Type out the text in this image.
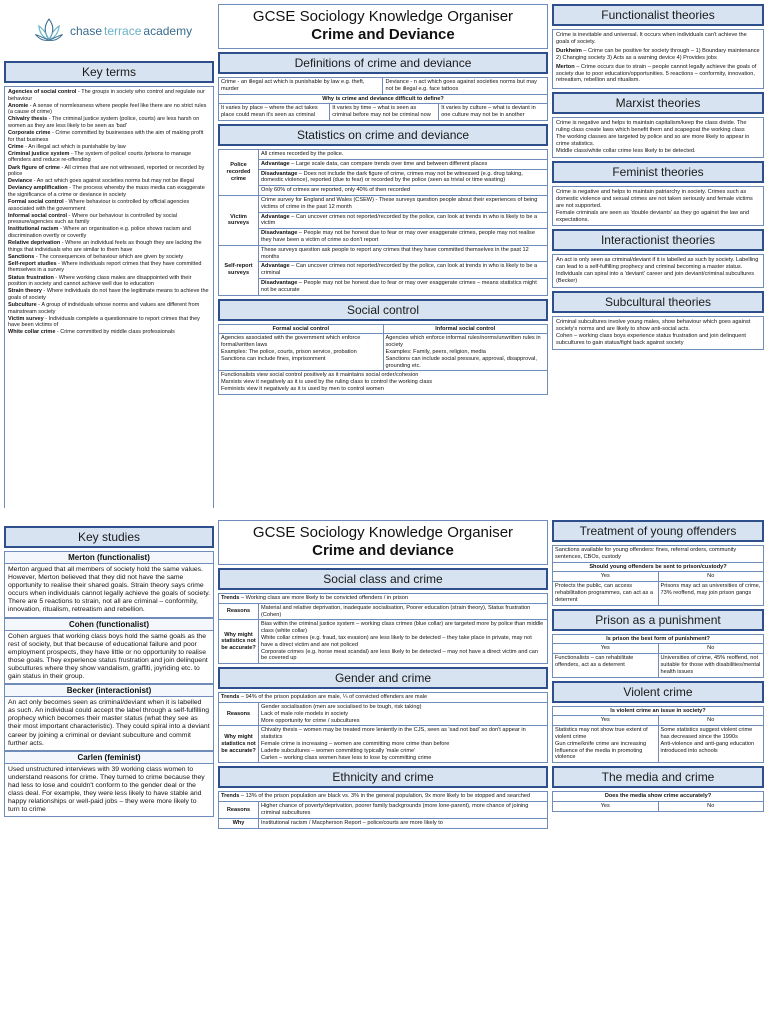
chase terrace academy
Key terms

Agencies of social control - The groups in society who control and regulate our behaviour

Anomie - A sense of normlessness where people feel like there are no strict rules (a cause of crime)

Chivalry thesis - The criminal justice system (police, courts) are less harsh on women as they are less likely to be seen as 'bad'

Corporate crime - Crime committed by businesses with the aim of making profit for that business

Crime - An illegal act which is punishable by law

Criminal justice system - The system of police/ courts /prisons to manage offenders and reduce re-offending

Dark figure of crime - All crimes that are not witnessed, reported or recorded by police

Deviance - An act which goes against societies norms but may not be illegal

Deviancy amplification - The process whereby the mass media can exaggerate the significance of a crime or deviance in society

Formal social control - Where behaviour is controlled by official agencies associated with the government

Informal social control - Where our behaviour is controlled by social pressure/agencies such as family

Institutional racism - Where an organisation e.g. police shows racism and discrimination overtly or covertly

Relative deprivation - Where an individual feels as though they are lacking the things that individuals who are similar to them have

Sanctions - The consequences of behaviour which are given by society

Self-report studies - Where individuals report crimes that they have committed themselves in a survey

Status frustration - Where working class males are disappointed with their position in society and cannot achieve well due to education

Strain theory - Where individuals do not have the legitimate means to achieve the goals of society

Subculture - A group of individuals whose norms and values are different from mainstream society

Victim survey - Individuals complete a questionnaire to report crimes that they have been victims of

White collar crime - Crime committed by middle class professionals

GCSE Sociology Knowledge Organiser
Crime and Deviance
Definitions of crime and deviance
Crime - an illegal act which is punishable by law e.g. theft, murder		Deviance - n act which goes against societies norms but may not be illegal e.g. face tattoos	
Why is crime and deviance difficult to define?			
It varies by place – where the act takes place could mean it's seen as criminal	It varies by time – what is seen as criminal before may not be criminal now		It varies by culture – what is deviant in one culture may not be in another
Statistics on crime and deviance
Police recorded crime	All crimes recorded by the police.
	Advantage – Large scale data, can compare trends over time and between different places
	Disadvantage – Does not include the dark figure of crime, crimes may not be witnessed (e.g. drug taking, domestic violence), reported (due to fear) or recorded by the police (seen as trivial or time wasting)
	Only 60% of crimes are reported, only 40% of then recorded
Victim surveys	Crime survey for England and Wales (CSEW) - These surveys question people about their experiences of being victims of crime in the past 12 month
	Advantage – Can uncover crimes not reported/recorded by the police, can look at trends in who is likely to be a victim
	Disadvantage – People may not be honest due to fear or may over exaggerate crimes, people may not realise they have been a victim of crime so don't report
Self-report surveys	These surveys question ask people to report any crimes that they have committed themselves in the past 12 months
	Advantage – Can uncover crimes not reported/recorded by the police, can look at trends in who is likely to be a criminal
	Disadvantage – People may not be honest due to fear or may over exaggerate crimes – means statistics might not be accurate
Social control
Formal social control	Informal social control
Agencies associated with the government which enforce formal/written laws
Examples: The police, courts, prison service, probation
Sanctions can include fines, imprisonment	Agencies which enforce informal rules/norms/unwritten rules in society
Examples: Family, peers, religion, media
Sanctions can include social pressure, approval, disapproval, grounding etc.

Functionalists view social control positively as it maintains social order/cohesion
Marxists view it negatively as it is used by the ruling class to control the working class
Feminists view it negatively as it is used by men to control women	
Functionalist theories

Crime is inevitable and universal. It occurs when individuals can't achieve the goals of society.

Durkheim – Crime can be positive for society through – 1) Boundary maintenance 2) Changing society 3) Acts as a warning device 4) Provides jobs

Merton – Crime occurs due to strain – people cannot legally achieve the goals of society due to poor education/opportunities. 5 reactions – conformity, innovation, retreatism, rebellion and ritualism.

Marxist theories
Crime is negative and helps to maintain capitalism/keep the class divide. The ruling class create laws which benefit them and scapegoat the working class
The working classes are targeted by police and so are more likely to appear in crime statistics.
Middle class/white collar crime less likely to be detected.
Feminist theories
Crime is negative and helps to maintain patriarchy in society. Crimes such as domestic violence and sexual crimes are not taken seriously and female victims are not supported.
Female criminals are seen as 'double deviants' as they go against the law and expectations.
Interactionist theories
An act is only seen as criminal/deviant if it is labelled as such by society. Labelling can lead to a self-fulfilling prophecy and criminal becoming a master status.
Individuals can spiral into a 'deviant' career and join deviant/criminal subcultures (Becker)
Subcultural theories
Criminal subcultures involve young males, show behaviour which goes against society's norms and are likely to show anti-social acts.
Cohen – working class boys experience status frustration and join delinquent subcultures to gain status/fight back against society
Key studies
Merton (functionalist)
Merton argued that all members of society hold the same values. However, Merton believed that they did not have the same opportunity to realise their shared goals. Strain theory says crime occurs when individuals cannot legally achieve the goals of society. There are 5 reactions to strain, not all are criminal – conformity, innovation, ritualism, retreatism and rebellion.
Cohen (functionalist)
Cohen argues that working class boys hold the same goals as the rest of society, but that because of educational failure and poor employment prospects, they have little or no opportunity to realise those goals. They experience status frustration and join delinquent subcultures where they show vandalism, graffiti, joyriding etc. to gain status in their group.
Becker (interactionist)
An act only becomes seen as criminal/deviant when it is labelled as such. An individual could accept the label through a self-fulfilling prophecy which becomes their master status (what they see as their most important characteristic). They could spiral into a deviant career by joining a criminal or deviant subculture and commit further acts.
Carlen (feminist)
Used unstructured interviews with 39 working class women to understand reasons for crime. They turned to crime because they had less to lose and couldn't conform to the gender deal or the class deal. For example, they were less likely to have stable and happy relationships or well-paid jobs – they were more likely to turn to crime
GCSE Sociology Knowledge Organiser
Crime and deviance
Social class and crime
Trends – Working class are more likely to be convicted offenders / in prison	
Reasons	Material and relative deprivation, inadequate socialisation, Poorer education (strain theory), Status frustration (Cohen)
Why might statistics not be accurate?	Bias within the criminal justice system – working class crimes (blue collar) are targeted more by police than middle class (white collar)
White collar crimes (e.g. fraud, tax evasion) are less likely to be detected – they take place in private, may not have a direct victim and are not policed
Corporate crimes (e.g. horse meat scandal) are less likely to be detected – may not have a direct victim and can be covered up
Gender and crime
Trends – 94% of the prison population are male, ¼ of convicted offenders are male	
Reasons	Gender socialisation (men are socialised to be tough, risk taking)
Lack of male role models in society
More opportunity for crime / subcultures
Why might statistics not be accurate?	Chivalry thesis – women may be treated more leniently in the CJS, seen as 'sad not bad' so don't appear in statistics
Female crime is increasing – women are committing more crime than before
Ladette subcultures – women committing typically 'male crime'
Carlen – working class women have less to lose by committing crime
Ethnicity and crime
Trends – 13% of the prison population are black vs. 3% in the general population, 9x more likely to be stopped and searched	
Reasons	Higher chance of poverty/deprivation, poorer family backgrounds (more lone-parent), more chance of joining criminal subcultures
Why	Institutional racism / Macpherson Report – police/courts are more likely to
Treatment of young offenders
Sanctions available for young offenders: fines, referral orders, community sentences, CBOs, custody	
Should young offenders be sent to prison/custody?	
Yes	No
Protects the public, can access rehabilitation programmes, can act as a deterrent	Prisons may act as universities of crime, 73% reoffend, may join prison gangs
Prison as a punishment
Is prison the best form of punishment?	
Yes	No
Functionalists – can rehabilitate offenders, act as a deterrent	Universities of crime, 45% reoffend, not suitable for those with disabilities/mental health issues
Violent crime
Is violent crime an issue in society?	
Yes	No
Statistics may not show true extent of violent crime
Gun crime/knife crime are increasing
Influence of the media in promoting violence	Some statistics suggest violent crime has decreased since the 1990s
Anti-violence and anti-gang education introduced into schools
The media and crime
Does the media show crime accurately?
Yes	No
